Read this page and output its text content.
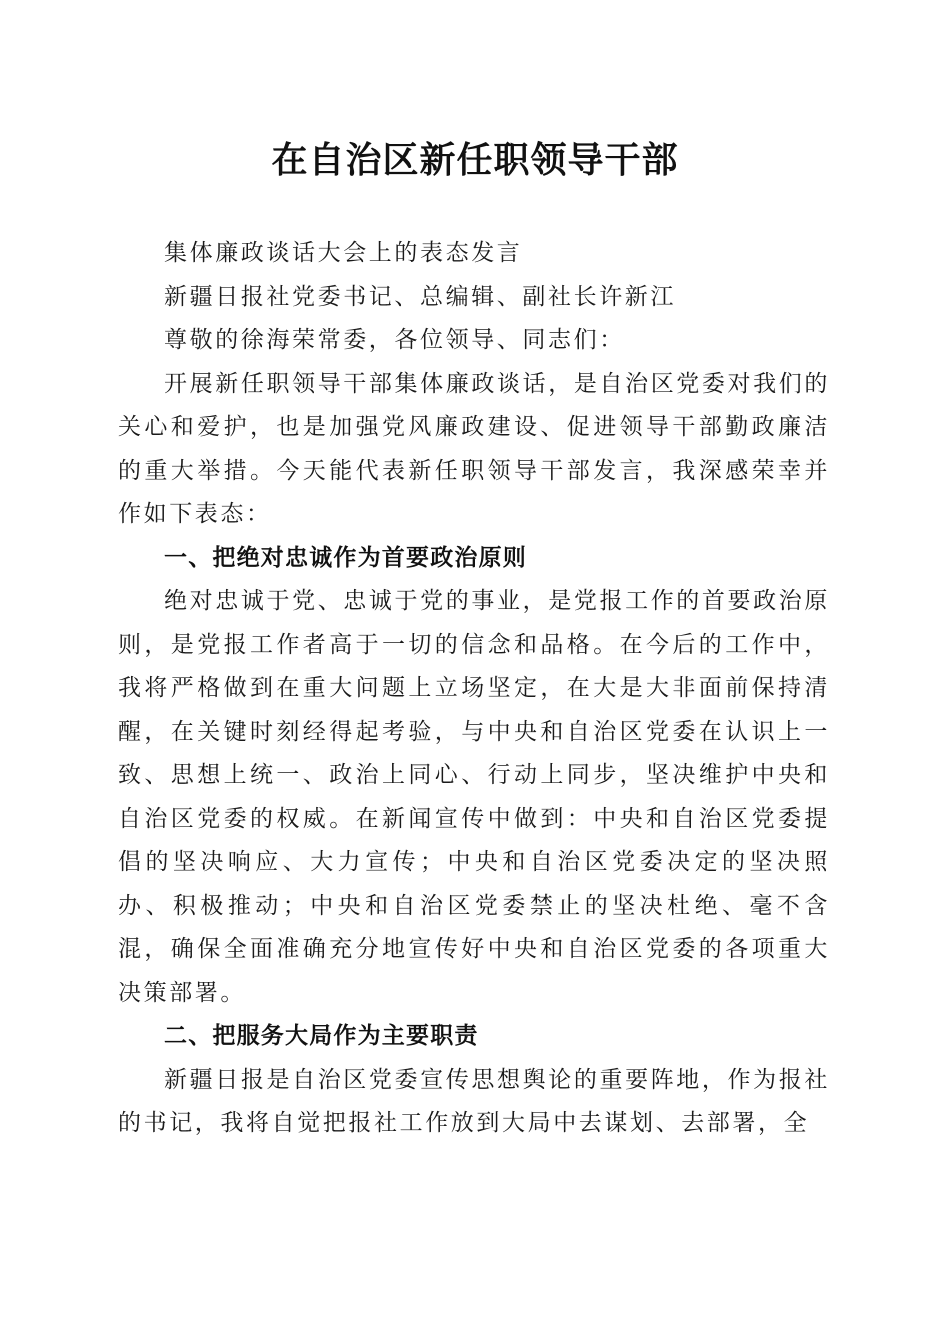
在自治区新任职领导干部

集体廉政谈话大会上的表态发言

新疆日报社党委书记、总编辑、副社长许新江

尊敬的徐海荣常委，各位领导、同志们：

开展新任职领导干部集体廉政谈话，是自治区党委对我们的关心和爱护，也是加强党风廉政建设、促进领导干部勤政廉洁的重大举措。今天能代表新任职领导干部发言，我深感荣幸并作如下表态：

一、把绝对忠诚作为首要政治原则

绝对忠诚于党、忠诚于党的事业，是党报工作的首要政治原则，是党报工作者高于一切的信念和品格。在今后的工作中，我将严格做到在重大问题上立场坚定，在大是大非面前保持清醒，在关键时刻经得起考验，与中央和自治区党委在认识上一致、思想上统一、政治上同心、行动上同步，坚决维护中央和自治区党委的权威。在新闻宣传中做到：中央和自治区党委提倡的坚决响应、大力宣传；中央和自治区党委决定的坚决照办、积极推动；中央和自治区党委禁止的坚决杜绝、毫不含混，确保全面准确充分地宣传好中央和自治区党委的各项重大决策部署。

二、把服务大局作为主要职责

新疆日报是自治区党委宣传思想舆论的重要阵地，作为报社的书记，我将自觉把报社工作放到大局中去谋划、去部署，全
